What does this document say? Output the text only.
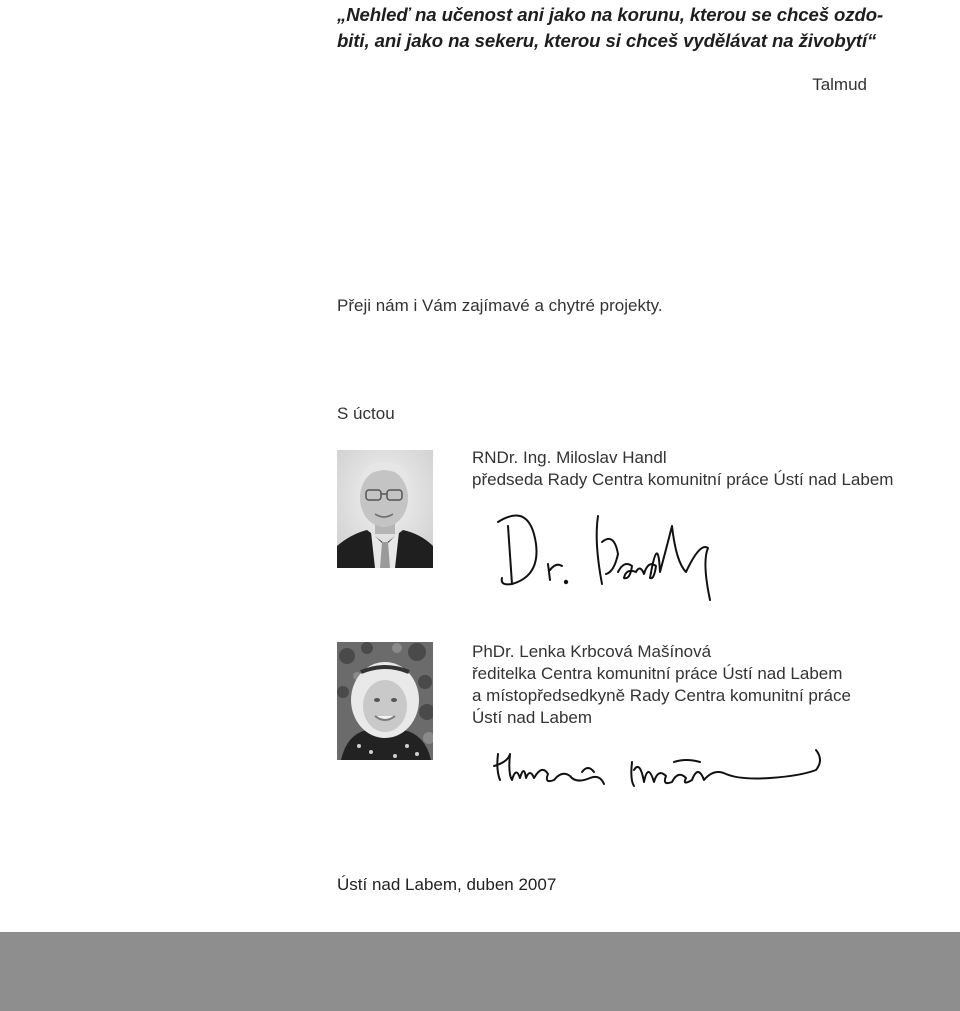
„Nehleď na učenost ani jako na korunu, kterou se chceš ozdo-
biti, ani jako na sekeru, kterou si chceš vydělávat na živobytí“
Talmud
Přeji nám i Vám zajímavé a chytré projekty.
S úctou
RNDr. Ing. Miloslav Handl
předseda Rady Centra komunitní práce Ústí nad Labem
PhDr. Lenka Krbcová Mašínová
ředitelka Centra komunitní práce Ústí nad Labem
a místopředsedkyně Rady Centra komunitní práce
Ústí nad Labem
Ústí nad Labem, duben 2007
